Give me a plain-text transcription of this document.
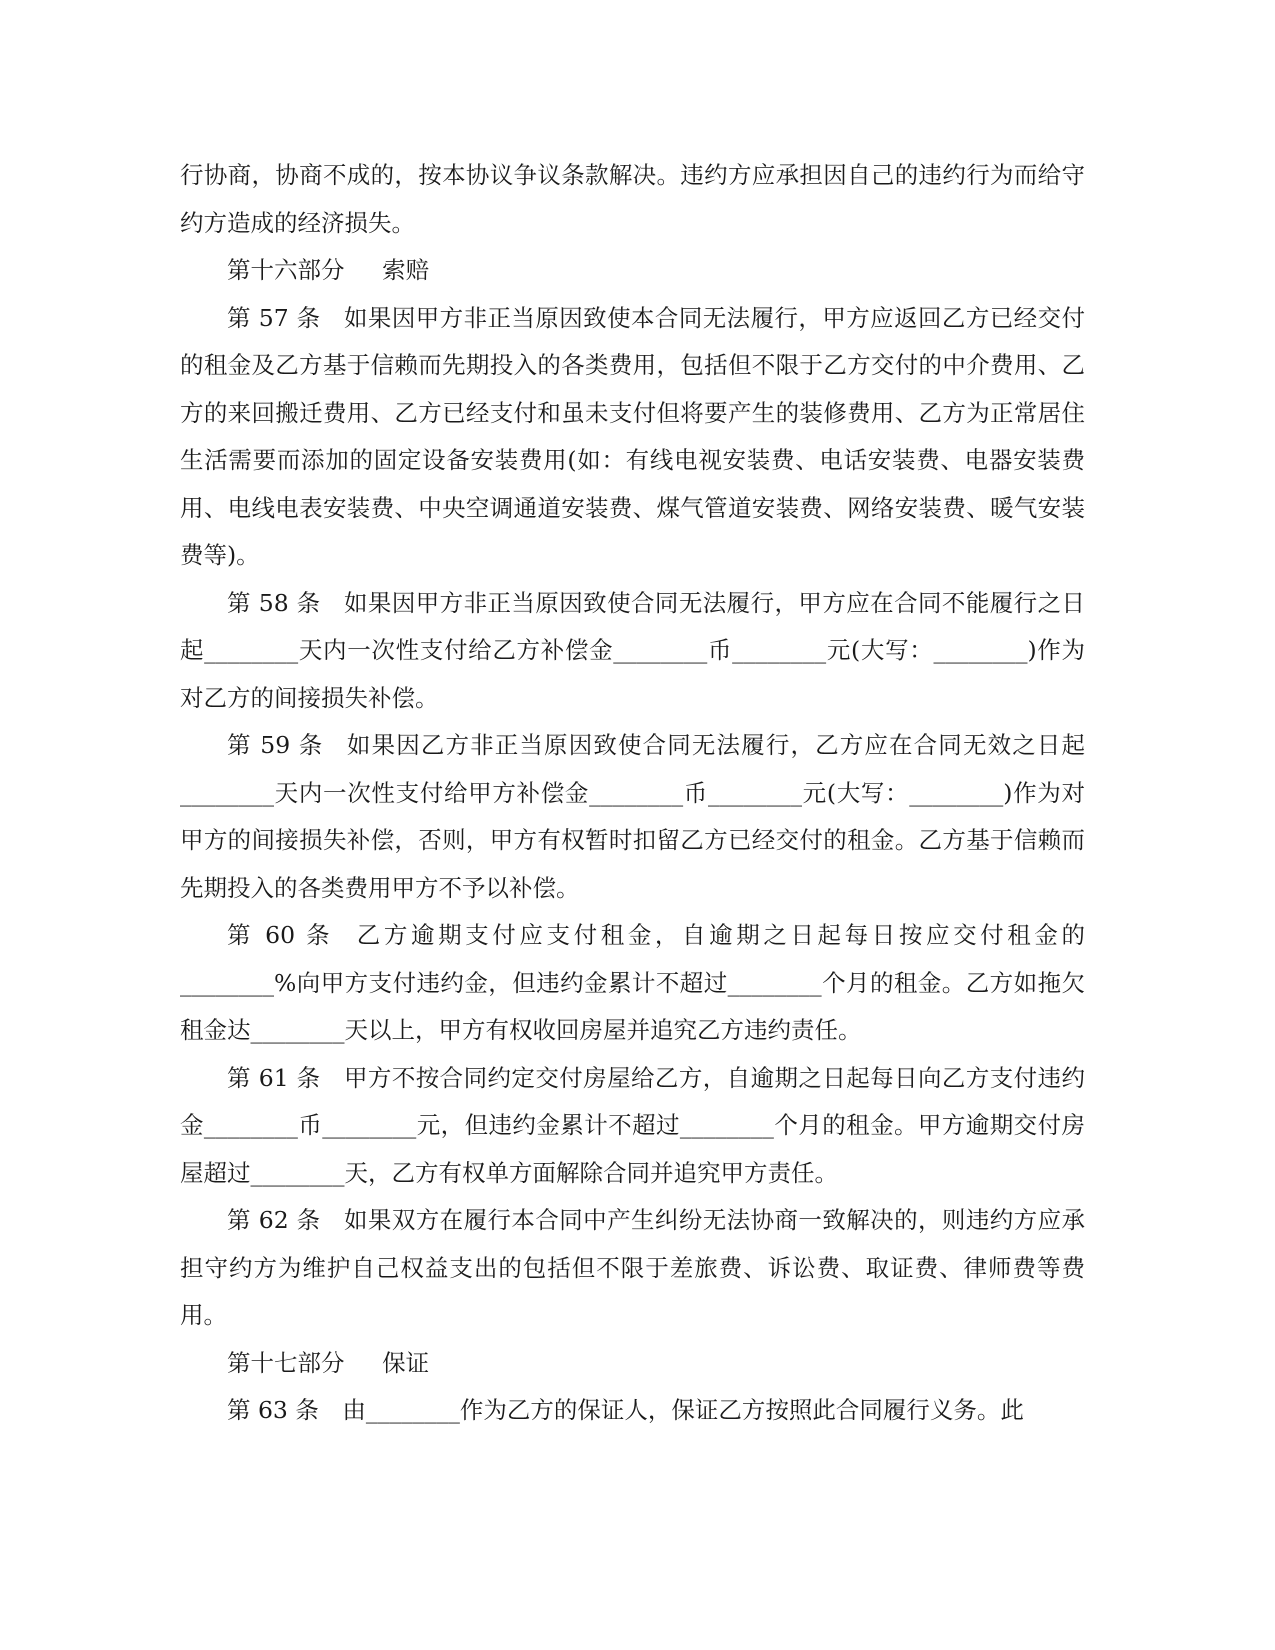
行协商，协商不成的，按本协议争议条款解决。违约方应承担因自己的违约行为而给守约方造成的经济损失。

第十六部分 索赔

第 57 条 如果因甲方非正当原因致使本合同无法履行，甲方应返回乙方已经交付的租金及乙方基于信赖而先期投入的各类费用，包括但不限于乙方交付的中介费用、乙方的来回搬迁费用、乙方已经支付和虽未支付但将要产生的装修费用、乙方为正常居住生活需要而添加的固定设备安装费用(如：有线电视安装费、电话安装费、电器安装费用、电线电表安装费、中央空调通道安装费、煤气管道安装费、网络安装费、暖气安装费等)。

第 58 条 如果因甲方非正当原因致使合同无法履行，甲方应在合同不能履行之日起________天内一次性支付给乙方补偿金________币________元(大写：________)作为对乙方的间接损失补偿。

第 59 条 如果因乙方非正当原因致使合同无法履行，乙方应在合同无效之日起________天内一次性支付给甲方补偿金________币________元(大写：________)作为对甲方的间接损失补偿，否则，甲方有权暂时扣留乙方已经交付的租金。乙方基于信赖而先期投入的各类费用甲方不予以补偿。

第 60 条 乙方逾期支付应支付租金，自逾期之日起每日按应交付租金的________%向甲方支付违约金，但违约金累计不超过________个月的租金。乙方如拖欠租金达________天以上，甲方有权收回房屋并追究乙方违约责任。

第 61 条 甲方不按合同约定交付房屋给乙方，自逾期之日起每日向乙方支付违约金________币________元，但违约金累计不超过________个月的租金。甲方逾期交付房屋超过________天，乙方有权单方面解除合同并追究甲方责任。

第 62 条 如果双方在履行本合同中产生纠纷无法协商一致解决的，则违约方应承担守约方为维护自己权益支出的包括但不限于差旅费、诉讼费、取证费、律师费等费用。

第十七部分 保证

第 63 条 由________作为乙方的保证人，保证乙方按照此合同履行义务。此
